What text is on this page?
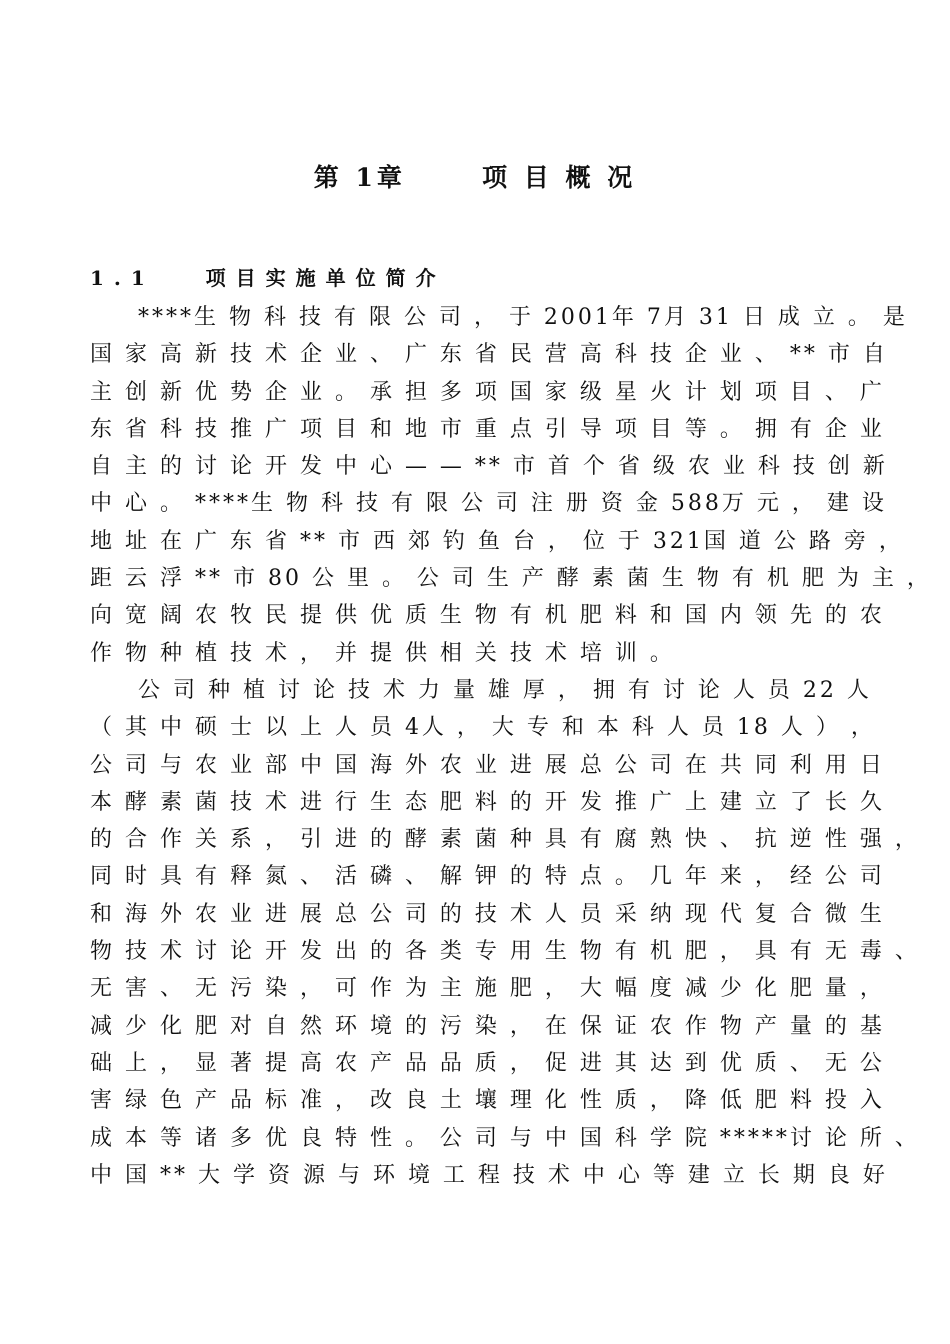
第 1章      项 目 概 况
1.1   项目实施单位简介
****生 物 科 技 有 限 公 司 ， 于 2001年 7月 31 日 成 立 。 是
国 家 高 新 技 术 企 业 、 广 东 省 民 营 高 科 技 企 业 、 ** 市 自
主 创 新 优 势 企 业 。 承 担 多 项 国 家 级 星 火 计 划 项 目 、 广
东 省 科 技 推 广 项 目 和 地 市 重 点 引 导 项 目 等 。 拥 有 企 业
自 主 的 讨 论 开 发 中 心 — — ** 市 首 个 省 级 农 业 科 技 创 新
中 心 。 ****生 物 科 技 有 限 公 司 注 册 资 金 588万 元 ， 建 设
地 址 在 广 东 省 ** 市 西 郊 钓 鱼 台 ， 位 于 321国 道 公 路 旁 ，
距 云 浮 ** 市 80 公 里 。 公 司 生 产 酵 素 菌 生 物 有 机 肥 为 主 ，
向 宽 阔 农 牧 民 提 供 优 质 生 物 有 机 肥 料 和 国 内 领 先 的 农
作 物 种 植 技 术 ， 并 提 供 相 关 技 术 培 训 。
公 司 种 植 讨 论 技 术 力 量 雄 厚 ， 拥 有 讨 论 人 员 22 人
（ 其 中 硕 士 以 上 人 员 4人 ， 大 专 和 本 科 人 员 18 人 ） ，
公 司 与 农 业 部 中 国 海 外 农 业 进 展 总 公 司 在 共 同 利 用 日
本 酵 素 菌 技 术 进 行 生 态 肥 料 的 开 发 推 广 上 建 立 了 长 久
的 合 作 关 系 ， 引 进 的 酵 素 菌 种 具 有 腐 熟 快 、 抗 逆 性 强 ，
同 时 具 有 释 氮 、 活 磷 、 解 钾 的 特 点 。 几 年 来 ， 经 公 司
和 海 外 农 业 进 展 总 公 司 的 技 术 人 员 采 纳 现 代 复 合 微 生
物 技 术 讨 论 开 发 出 的 各 类 专 用 生 物 有 机 肥 ， 具 有 无 毒 、
无 害 、 无 污 染 ， 可 作 为 主 施 肥 ， 大 幅 度 减 少 化 肥 量 ，
减 少 化 肥 对 自 然 环 境 的 污 染 ， 在 保 证 农 作 物 产 量 的 基
础 上 ， 显 著 提 高 农 产 品 品 质 ， 促 进 其 达 到 优 质 、 无 公
害 绿 色 产 品 标 准 ， 改 良 土 壤 理 化 性 质 ， 降 低 肥 料 投 入
成 本 等 诸 多 优 良 特 性 。 公 司 与 中 国 科 学 院 *****讨 论 所 、
中 国 ** 大 学 资 源 与 环 境 工 程 技 术 中 心 等 建 立 长 期 良 好
